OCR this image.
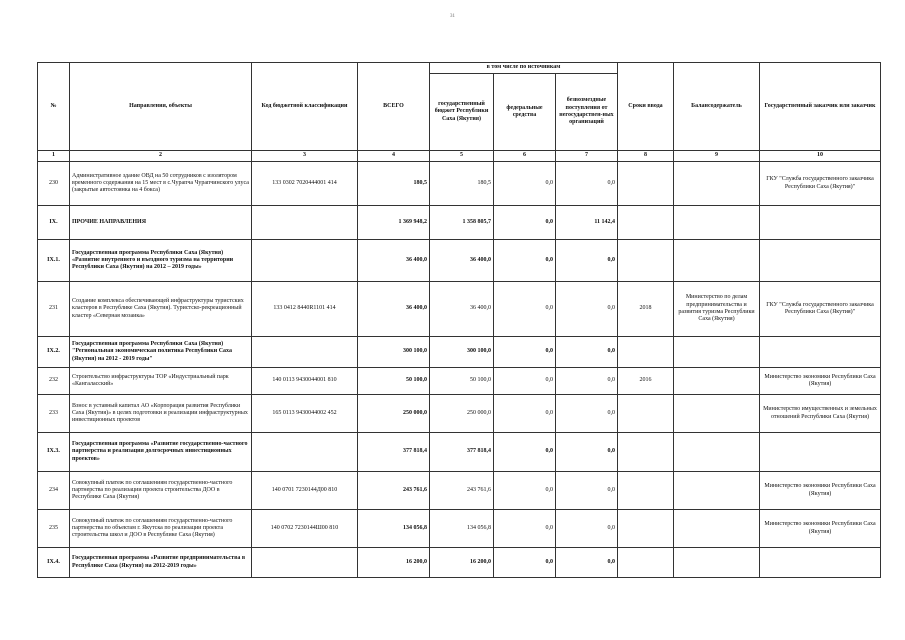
31
№	Направления, объекты	Код бюджетной классификации	ВСЕГО	в том числе по источникам			Сроки ввода	Балансодержатель	Государственный заказчик или заказчик
				государственный бюджет Республики Саха (Якутия)	федеральные средства	безвозмездные поступления от негосударствен-ных организаций			
1	2	3	4	5	6	7	8	9	10
230	Административное здание ОВД на 50 сотрудников с изолятором временного содержания на 15 мест в с.Чурапча Чурапчинского улуса (закрытые автостоянка на 4 бокса)	133 0302 7020444001 414	180,5	180,5	0,0	0,0			ГКУ "Служба государственного заказчика Республики Саха (Якутия)"
IX.	ПРОЧИЕ НАПРАВЛЕНИЯ		1 369 948,2	1 358 805,7	0,0	11 142,4			
IX.1.	Государственная программа Республики Саха (Якутия) «Развитие внутреннего и въездного туризма на территории Республики Саха (Якутия) на 2012 – 2019 годы»		36 400,0	36 400,0	0,0	0,0			
231	Создание комплекса обеспечивающей инфраструктуры туристских кластеров в Республике Саха (Якутия). Туристско-рекреационный кластер «Северная мозаика»	133 0412 8440R1101 414	36 400,0	36 400,0	0,0	0,0	2018	Министерство по делам предпринимательства и развития туризма Республики Саха (Якутия)	ГКУ "Служба государственного заказчика Республики Саха (Якутия)"
IX.2.	Государственная программа Республики Саха (Якутия) "Региональная экономическая политика Республики Саха (Якутия) на 2012 - 2019 годы"		300 100,0	300 100,0	0,0	0,0			
232	Строительство инфраструктуры ТОР «Индустриальный парк «Кангаласский»	140 0113 9430044001 810	50 100,0	50 100,0	0,0	0,0	2016		Министерство экономики Республики Саха (Якутия)
233	Взнос в уставный капитал АО «Корпорация развития Республики Саха (Якутия)» в целях подготовки и реализации инфраструктурных инвестиционных проектов	165 0113 9430044002 452	250 000,0	250 000,0	0,0	0,0			Министерство имущественных и земельных отношений Республики Саха (Якутия)
IX.3.	Государственная программа «Развитие государственно-частного партнерства и реализация долгосрочных инвестиционных проектов»		377 818,4	377 818,4	0,0	0,0			
234	Совокупный платеж по соглашениям государственно-частного партнерства по реализации проекта строительства ДОО в Республике Саха (Якутия)	140 0701 7230144Д00 810	243 761,6	243 761,6	0,0	0,0			Министерство экономики Республики Саха (Якутия)
235	Совокупный платеж по соглашениям государственно-частного партнерства по объектам г. Якутска по реализации проекта строительства школ и ДОО в Республике Саха (Якутия)	140 0702 7230144Ш00 810	134 056,8	134 056,8	0,0	0,0			Министерство экономики Республики Саха (Якутия)
IX.4.	Государственная программа «Развитие предпринимательства в Республике Саха (Якутия) на 2012-2019 годы»		16 200,0	16 200,0	0,0	0,0			
